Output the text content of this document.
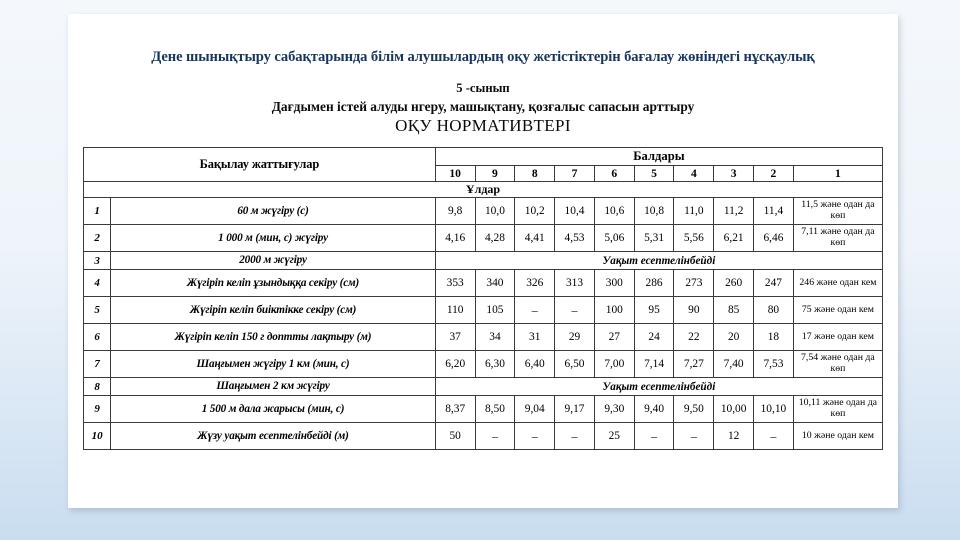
Дене шынықтыру сабақтарында білім алушылардың оқу жетістіктерін бағалау жөніндегі нұсқаулық
5 -сынып
Дағдымен істей алуды нгеру, машықтану, қозғалыс сапасын арттыру
ОҚУ НОРМАТИВТЕРІ
Бақылау жаттығулар		Балдары									
		10	9	8	7	6	5	4	3	2	1
Ұлдар											
1	60 м жүгіру (с)	9,8	10,0	10,2	10,4	10,6	10,8	11,0	11,2	11,4	11,5 және одан да көп
2	1 000 м (мин, с) жүгіру	4,16	4,28	4,41	4,53	5,06	5,31	5,56	6,21	6,46	7,11 және одан да көп
3	2000 м жүгіру	Уақыт есептелінбейді									
4	Жүгіріп келіп ұзындыққа секіру (см)	353	340	326	313	300	286	273	260	247	246 және одан кем
5	Жүгіріп келіп биіктікке секіру (см)	110	105	–	–	100	95	90	85	80	75 және одан кем
6	Жүгіріп келіп 150 г доптты лақтыру (м)	37	34	31	29	27	24	22	20	18	17 және одан кем
7	Шаңғымен жүгіру 1 км (мин, с)	6,20	6,30	6,40	6,50	7,00	7,14	7,27	7,40	7,53	7,54 және одан да көп
8	Шаңғымен 2 км жүгіру	Уақыт есептелінбейді									
9	1 500 м дала жарысы (мин, с)	8,37	8,50	9,04	9,17	9,30	9,40	9,50	10,00	10,10	10,11 және одан да көп
10	Жүзу уақыт есептелінбейді (м)	50	–	–	–	25	–	–	12	–	10 және одан кем
